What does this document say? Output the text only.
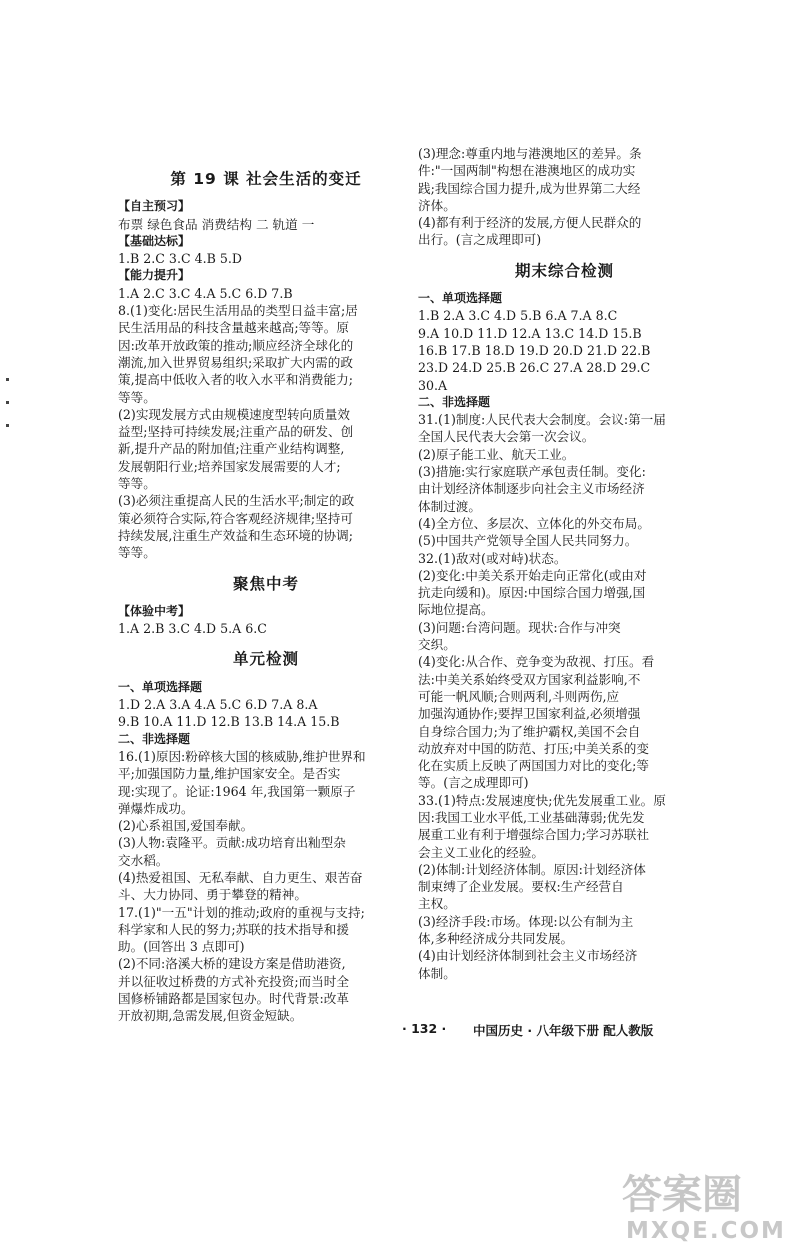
第 19 课 社会生活的变迁
【自主预习】
布票 绿色食品 消费结构 二 轨道 一
【基础达标】
1.B 2.C 3.C 4.B 5.D
【能力提升】
1.A 2.C 3.C 4.A 5.C 6.D 7.B
8.(1)变化:居民生活用品的类型日益丰富;居
民生活用品的科技含量越来越高;等等。原
因:改革开放政策的推动;顺应经济全球化的
潮流,加入世界贸易组织;采取扩大内需的政
策,提高中低收入者的收入水平和消费能力;
等等。
(2)实现发展方式由规模速度型转向质量效
益型;坚持可持续发展;注重产品的研发、创
新,提升产品的附加值;注重产业结构调整,
发展朝阳行业;培养国家发展需要的人才;
等等。
(3)必须注重提高人民的生活水平;制定的政
策必须符合实际,符合客观经济规律;坚持可
持续发展,注重生产效益和生态环境的协调;
等等。
聚焦中考
【体验中考】
1.A 2.B 3.C 4.D 5.A 6.C
单元检测
一、单项选择题
1.D 2.A 3.A 4.A 5.C 6.D 7.A 8.A
9.B 10.A 11.D 12.B 13.B 14.A 15.B
二、非选择题
16.(1)原因:粉碎核大国的核威胁,维护世界和
平;加强国防力量,维护国家安全。是否实
现:实现了。论证:1964 年,我国第一颗原子
弹爆炸成功。
(2)心系祖国,爱国奉献。
(3)人物:袁隆平。贡献:成功培育出籼型杂
交水稻。
(4)热爱祖国、无私奉献、自力更生、艰苦奋
斗、大力协同、勇于攀登的精神。
17.(1)"一五"计划的推动;政府的重视与支持;
科学家和人民的努力;苏联的技术指导和援
助。(回答出 3 点即可)
(2)不同:洛溪大桥的建设方案是借助港资,
并以征收过桥费的方式补充投资;而当时全
国修桥铺路都是国家包办。时代背景:改革
开放初期,急需发展,但资金短缺。
(3)理念:尊重内地与港澳地区的差异。条
件:"一国两制"构想在港澳地区的成功实
践;我国综合国力提升,成为世界第二大经
济体。
(4)都有利于经济的发展,方便人民群众的
出行。(言之成理即可)
期末综合检测
一、单项选择题
1.B 2.A 3.C 4.D 5.B 6.A 7.A 8.C
9.A 10.D 11.D 12.A 13.C 14.D 15.B
16.B 17.B 18.D 19.D 20.D 21.D 22.B
23.D 24.D 25.B 26.C 27.A 28.D 29.C
30.A
二、非选择题
31.(1)制度:人民代表大会制度。会议:第一届
全国人民代表大会第一次会议。
(2)原子能工业、航天工业。
(3)措施:实行家庭联产承包责任制。变化:
由计划经济体制逐步向社会主义市场经济
体制过渡。
(4)全方位、多层次、立体化的外交布局。
(5)中国共产党领导全国人民共同努力。
32.(1)敌对(或对峙)状态。
(2)变化:中美关系开始走向正常化(或由对
抗走向缓和)。原因:中国综合国力增强,国
际地位提高。
(3)问题:台湾问题。现状:合作与冲突
交织。
(4)变化:从合作、竞争变为敌视、打压。看
法:中美关系始终受双方国家利益影响,不
可能一帆风顺;合则两利,斗则两伤,应
加强沟通协作;要捍卫国家利益,必须增强
自身综合国力;为了维护霸权,美国不会自
动放弃对中国的防范、打压;中美关系的变
化在实质上反映了两国国力对比的变化;等
等。(言之成理即可)
33.(1)特点:发展速度快;优先发展重工业。原
因:我国工业水平低,工业基础薄弱;优先发
展重工业有利于增强综合国力;学习苏联社
会主义工业化的经验。
(2)体制:计划经济体制。原因:计划经济体
制束缚了企业发展。要权:生产经营自
主权。
(3)经济手段:市场。体现:以公有制为主
体,多种经济成分共同发展。
(4)由计划经济体制到社会主义市场经济
体制。
· 132 · 中国历史 · 八年级下册 配人教版
答案圈
MXQE.COM
